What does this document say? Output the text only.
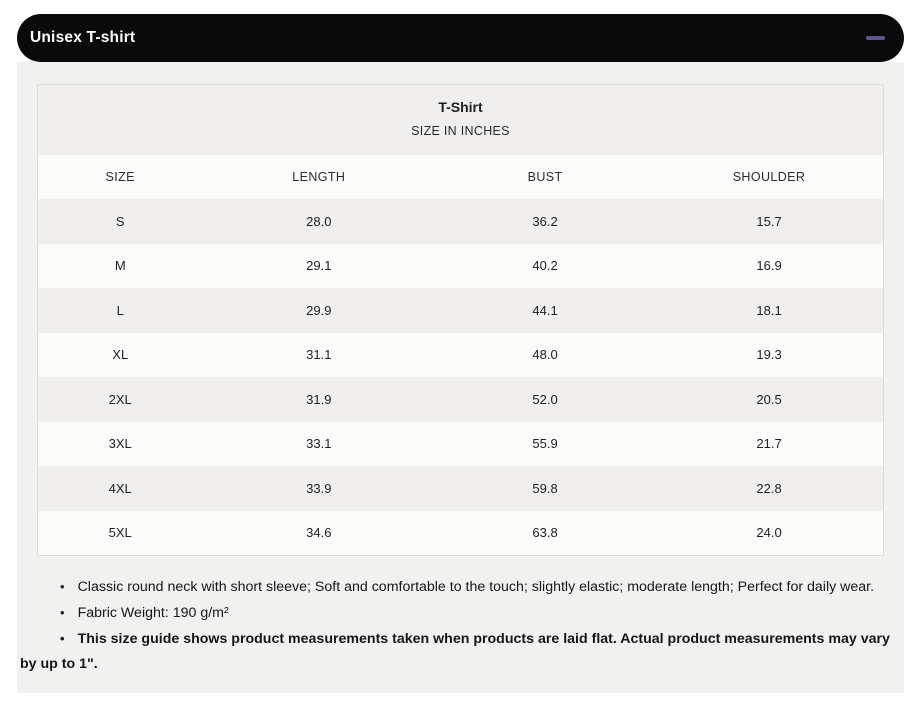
Unisex T-shirt
T-Shirt
SIZE IN INCHES			

SIZE	LENGTH	BUST	SHOULDER
S	28.0	36.2	15.7
M	29.1	40.2	16.9
L	29.9	44.1	18.1
XL	31.1	48.0	19.3
2XL	31.9	52.0	20.5
3XL	33.1	55.9	21.7
4XL	33.9	59.8	22.8
5XL	34.6	63.8	24.0

• Classic round neck with short sleeve; Soft and comfortable to the touch; slightly elastic; moderate length; Perfect for daily wear.

• Fabric Weight: 190 g/m²

• This size guide shows product measurements taken when products are laid flat. Actual product measurements may vary by up to 1".
